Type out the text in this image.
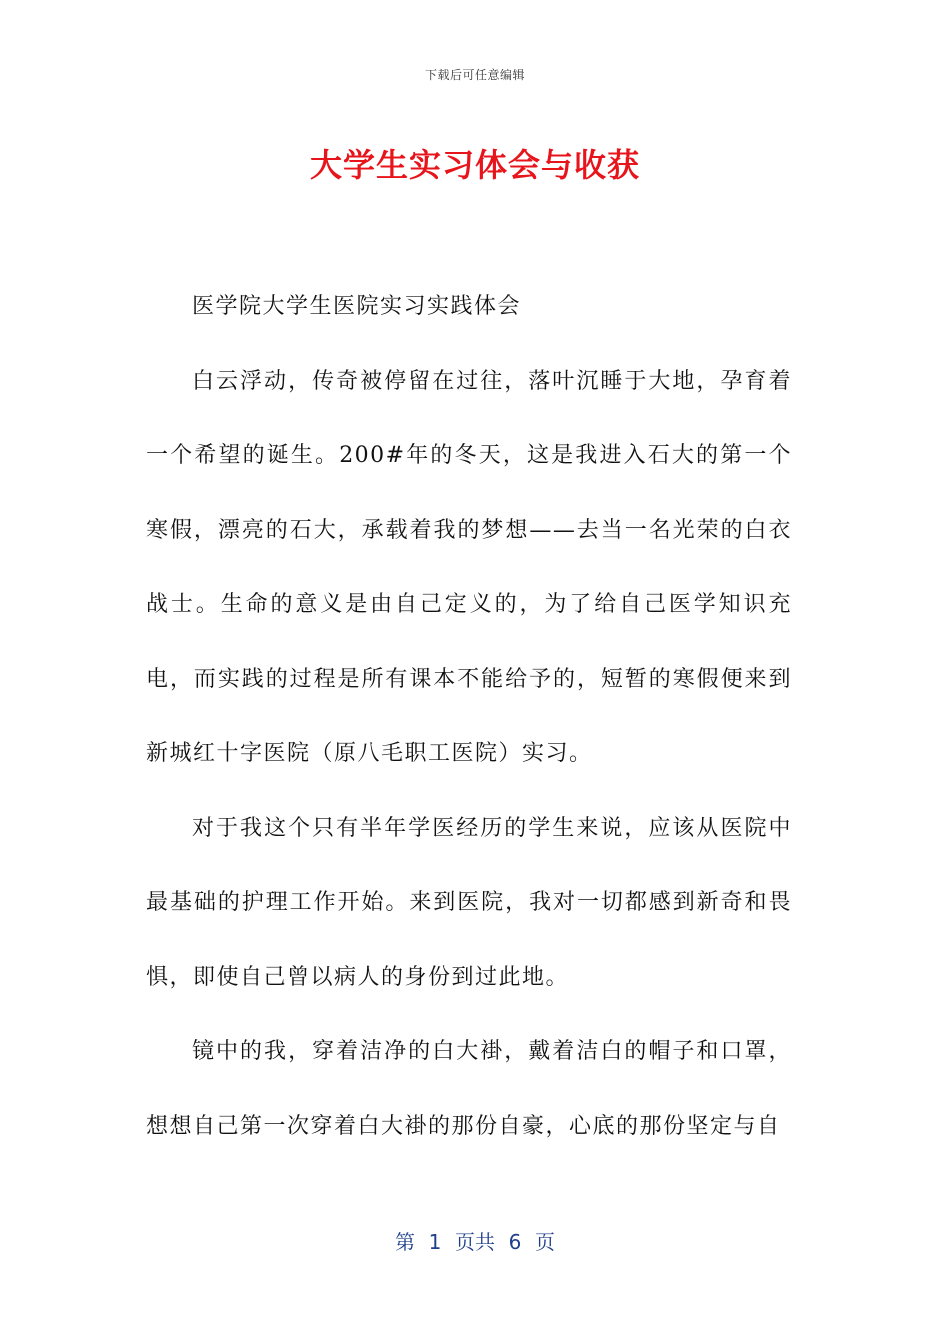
下载后可任意编辑
大学生实习体会与收获

医学院大学生医院实习实践体会

白云浮动，传奇被停留在过往，落叶沉睡于大地，孕育着一个希望的诞生。200#年的冬天，这是我进入石大的第一个寒假，漂亮的石大，承载着我的梦想——去当一名光荣的白衣战士。生命的意义是由自己定义的，为了给自己医学知识充电，而实践的过程是所有课本不能给予的，短暂的寒假便来到新城红十字医院（原八毛职工医院）实习。

对于我这个只有半年学医经历的学生来说，应该从医院中最基础的护理工作开始。来到医院，我对一切都感到新奇和畏惧，即使自己曾以病人的身份到过此地。

镜中的我，穿着洁净的白大褂，戴着洁白的帽子和口罩，想想自己第一次穿着白大褂的那份自豪，心底的那份坚定与自

第 1 页共 6 页
